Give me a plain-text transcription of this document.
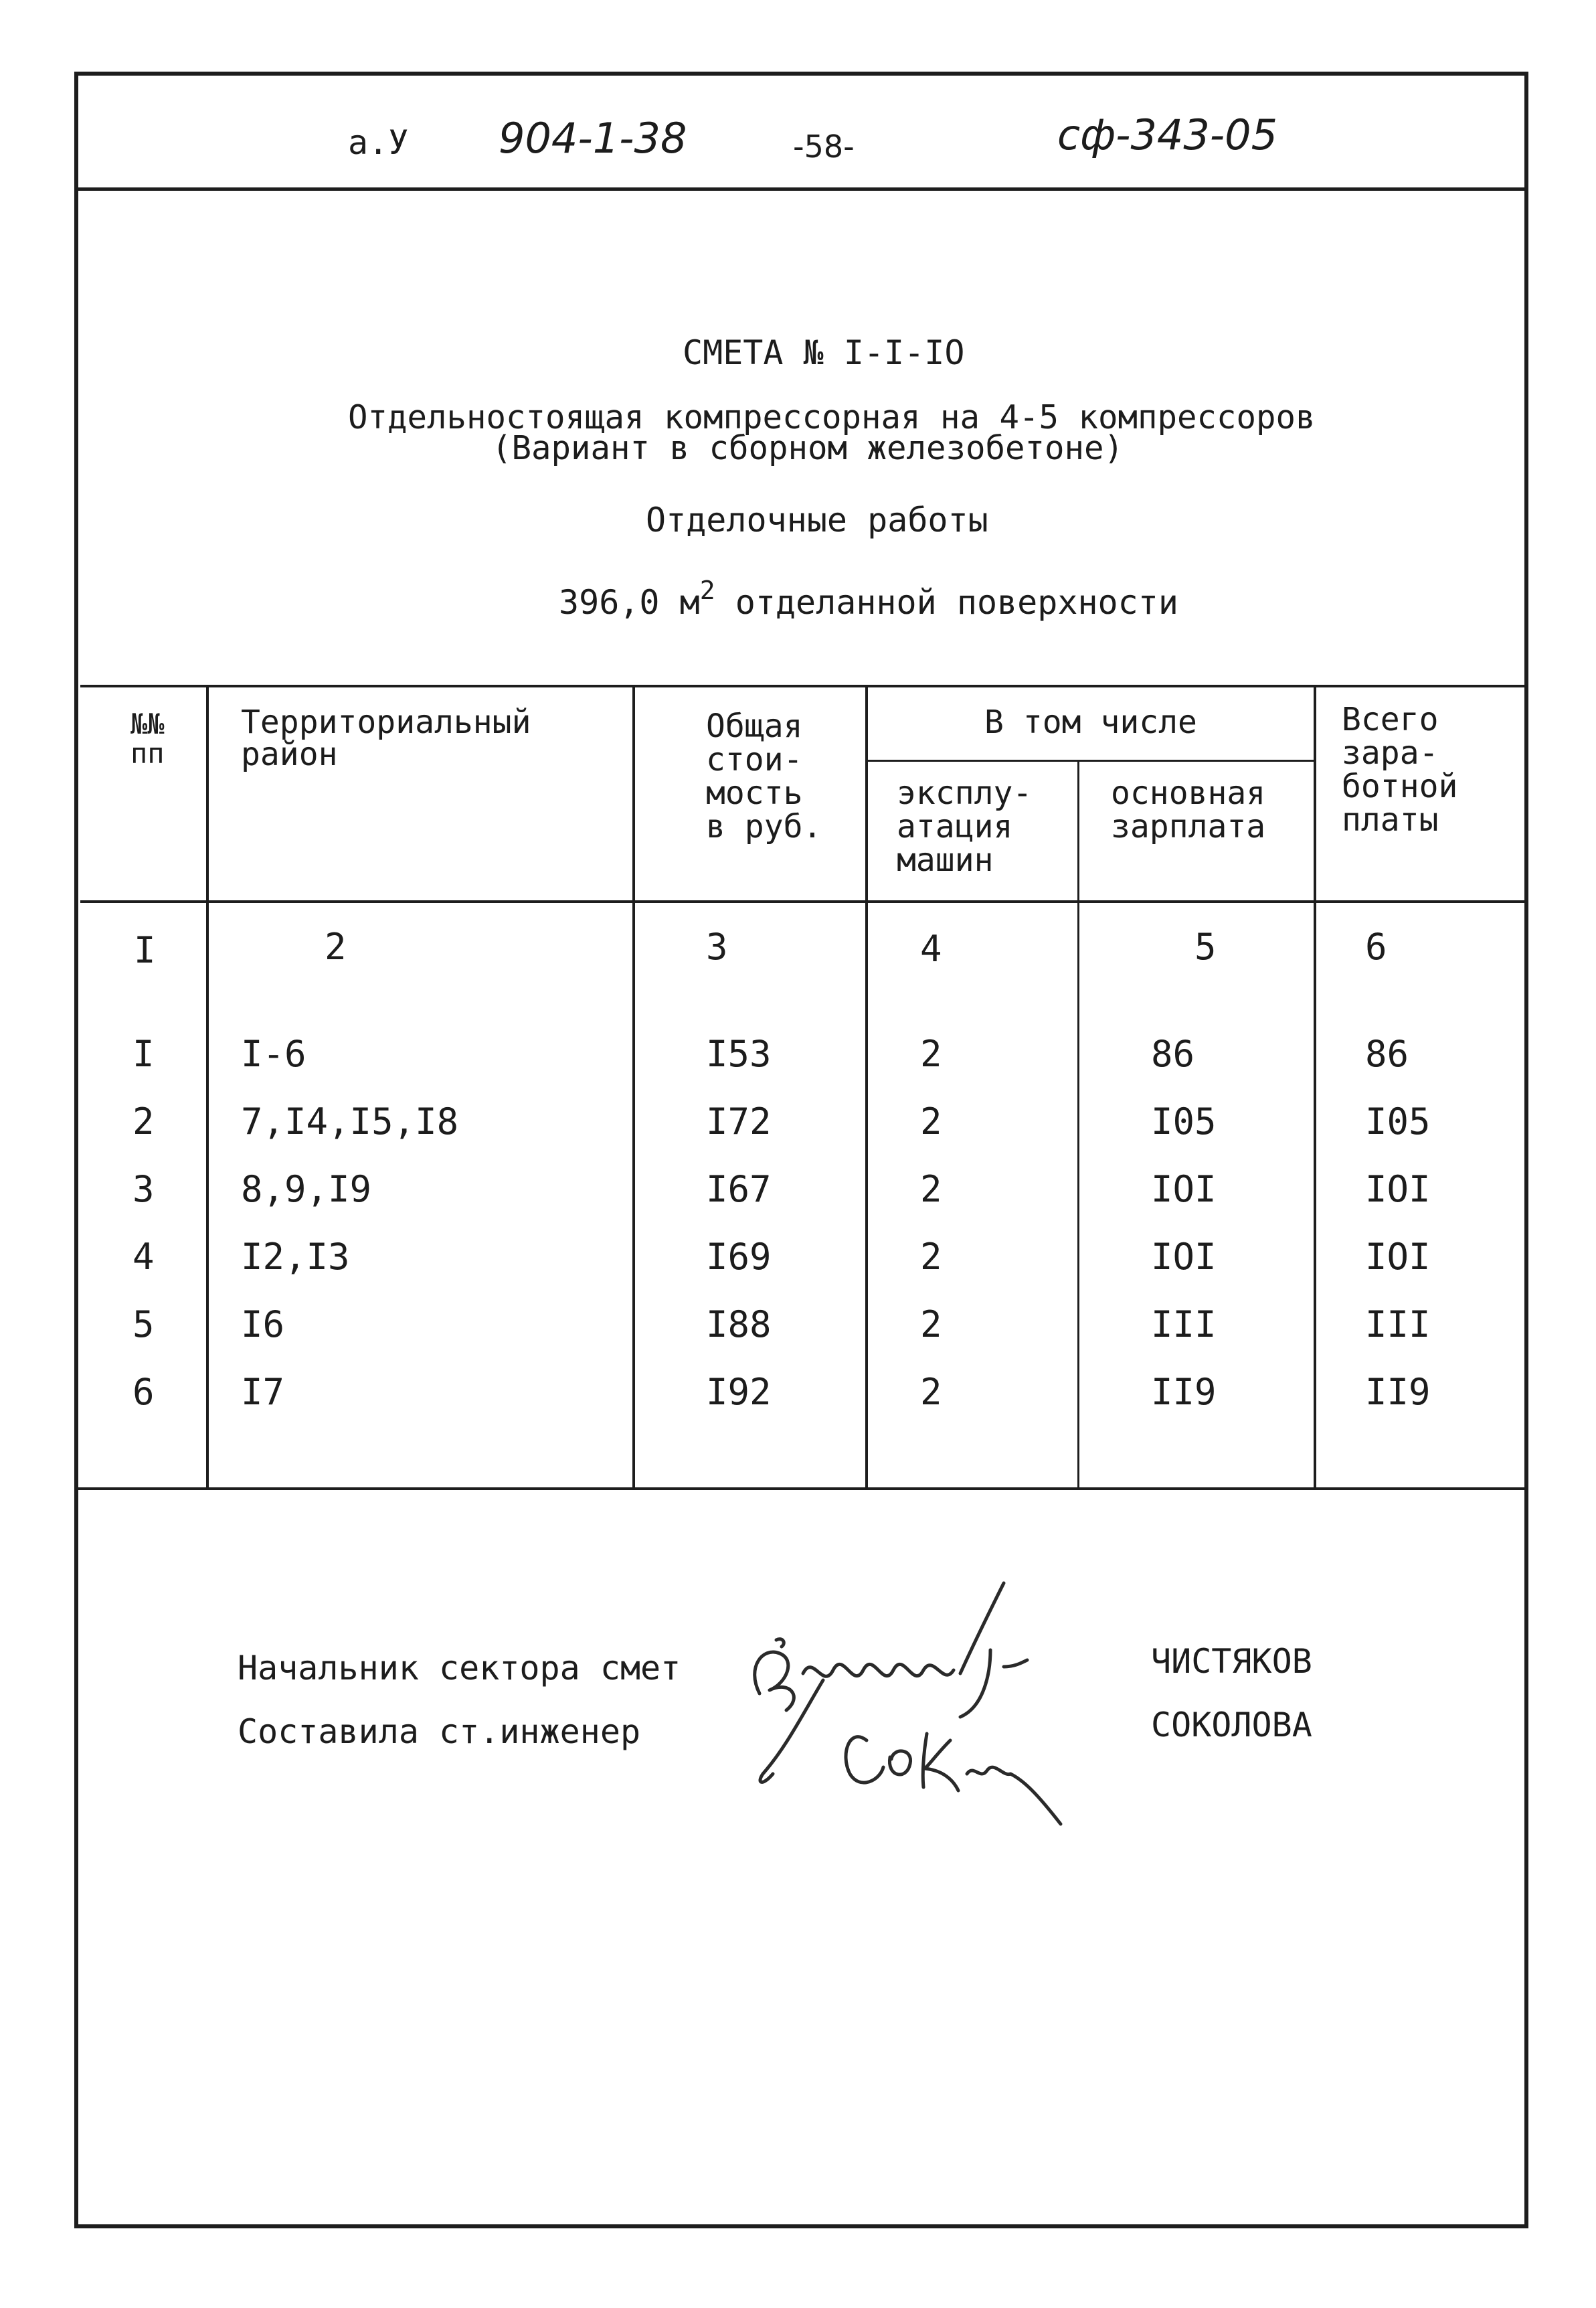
а.У 904-1-38	-58-	сф-343-05
СМЕТА № I-I-IO
Отдельностоящая компрессорная на 4-5 компрессоров
(Вариант в сборном железобетоне)
Отделочные работы
396,0 $м^2$ отделанной поверхности
№№ пп
Территориальный район
Общая стои- мость в руб.
В том числе
эксплу- атация машин
основная зарплата
Всего зара- ботной платы
I	2	3	4	5	6
I I-6	I53	2	86	86
2 7,I4,I5,I8	I72	2	I05	I05
3 8,9,I9	I67	2	IOI	IOI
4 I2,I3	I69	2	IOI	IOI
5 I6	I88	2	III	III
6 I7	I92	2	II9	II9
Начальник сектора смет	ЧИСТЯКОВ
Составила ст.инженер	СОКОЛОВА
